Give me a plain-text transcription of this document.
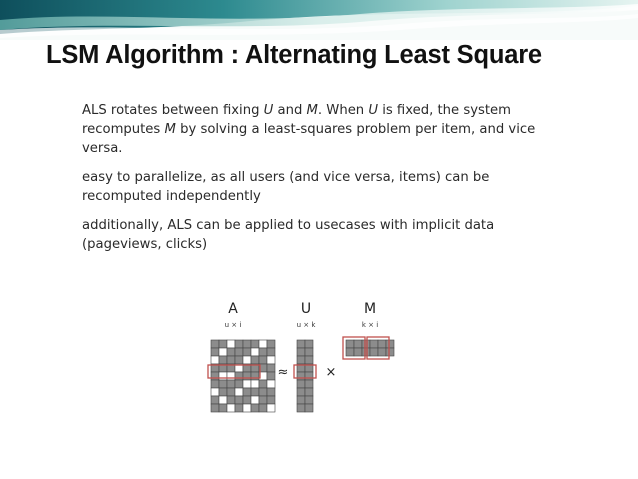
LSM Algorithm : Alternating Least Square

ALS rotates between fixing U and M. When U is fixed, the system recomputes M by solving a least-squares problem per item, and vice versa.

easy to parallelize, as all users (and vice versa, items) can be recomputed independently

additionally, ALS can be applied to usecases with implicit data (pageviews, clicks)

A
u × i
U
u × k
M
k × i
≈	×
